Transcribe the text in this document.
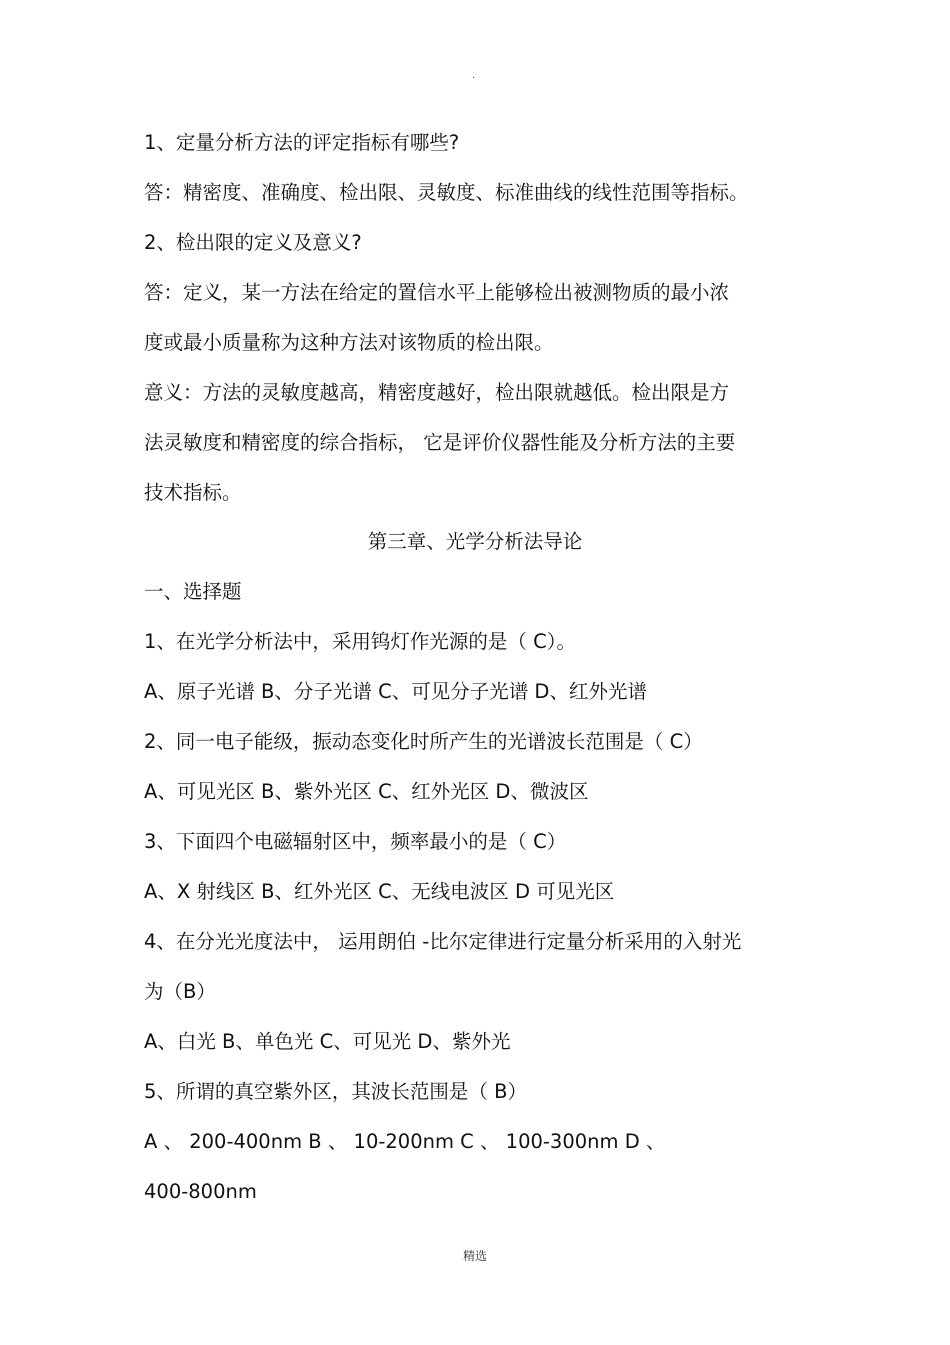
.
1、定量分析方法的评定指标有哪些?
答：精密度、准确度、检出限、灵敏度、标准曲线的线性范围等指标。
2、检出限的定义及意义?
答：定义，某一方法在给定的置信水平上能够检出被测物质的最小浓
度或最小质量称为这种方法对该物质的检出限。
意义：方法的灵敏度越高，精密度越好，检出限就越低。检出限是方
法灵敏度和精密度的综合指标， 它是评价仪器性能及分析方法的主要
技术指标。
第三章、光学分析法导论
一、选择题
1、在光学分析法中，采用钨灯作光源的是（ C）。
A、原子光谱 B、分子光谱 C、可见分子光谱 D、红外光谱
2、同一电子能级，振动态变化时所产生的光谱波长范围是（ C）
A、可见光区 B、紫外光区 C、红外光区 D、微波区
3、下面四个电磁辐射区中，频率最小的是（ C）
A、X 射线区 B、红外光区 C、无线电波区 D 可见光区
4、在分光光度法中， 运用朗伯 -比尔定律进行定量分析采用的入射光
为（B）
A、白光 B、单色光 C、可见光 D、紫外光
5、所谓的真空紫外区，其波长范围是（ B）
A 、 200-400nm B 、 10-200nm C 、 100-300nm D 、
400-800nm
精选
